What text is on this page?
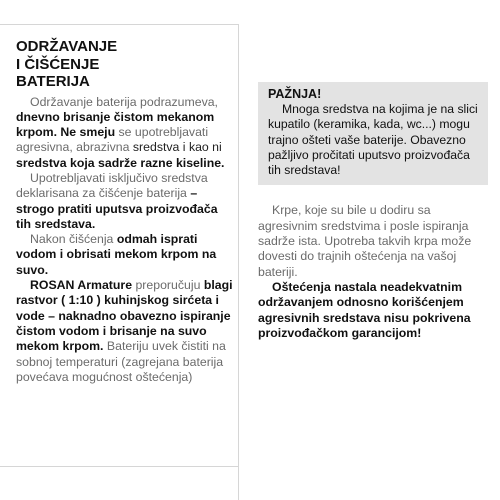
ODRŽAVANJE
I ČIŠĆENJE
BATERIJA

Održavanje baterija podrazumeva, dnevno brisanje čistom mekanom krpom. Ne smeju se upotrebljavati agresivna, abrazivna sredstva i kao ni sredstva koja sadrže razne kiseline.

Upotrebljavati isključivo sredstva deklarisana za čišćenje baterija – strogo pratiti uputsva proizvođača tih sredstava.

Nakon čišćenja odmah isprati vodom i obrisati mekom krpom na suvo.

ROSAN Armature preporučuju blagi rastvor ( 1:10 ) kuhinjskog sirćeta i vode – naknadno obavezno ispiranje čistom vodom i brisanje na suvo mekom krpom. Bateriju uvek čistiti na sobnoj temperaturi (zagrejana baterija povećava mogućnost oštećenja)

PAŽNJA!

Mnoga sredstva na kojima je na slici kupatilo (keramika, kada, wc...) mogu trajno ošteti vaše baterije. Obavezno pažljivo pročitati uputsvo proizvođača tih sredstava!

Krpe, koje su bile u dodiru sa agresivnim sredstvima i posle ispiranja sadrže ista. Upotreba takvih krpa može dovesti do trajnih oštećenja na vašoj bateriji.

Oštećenja nastala neadekvatnim održavanjem odnosno korišćenjem agresivnih sredstava nisu pokrivena proizvođačkom garancijom!
